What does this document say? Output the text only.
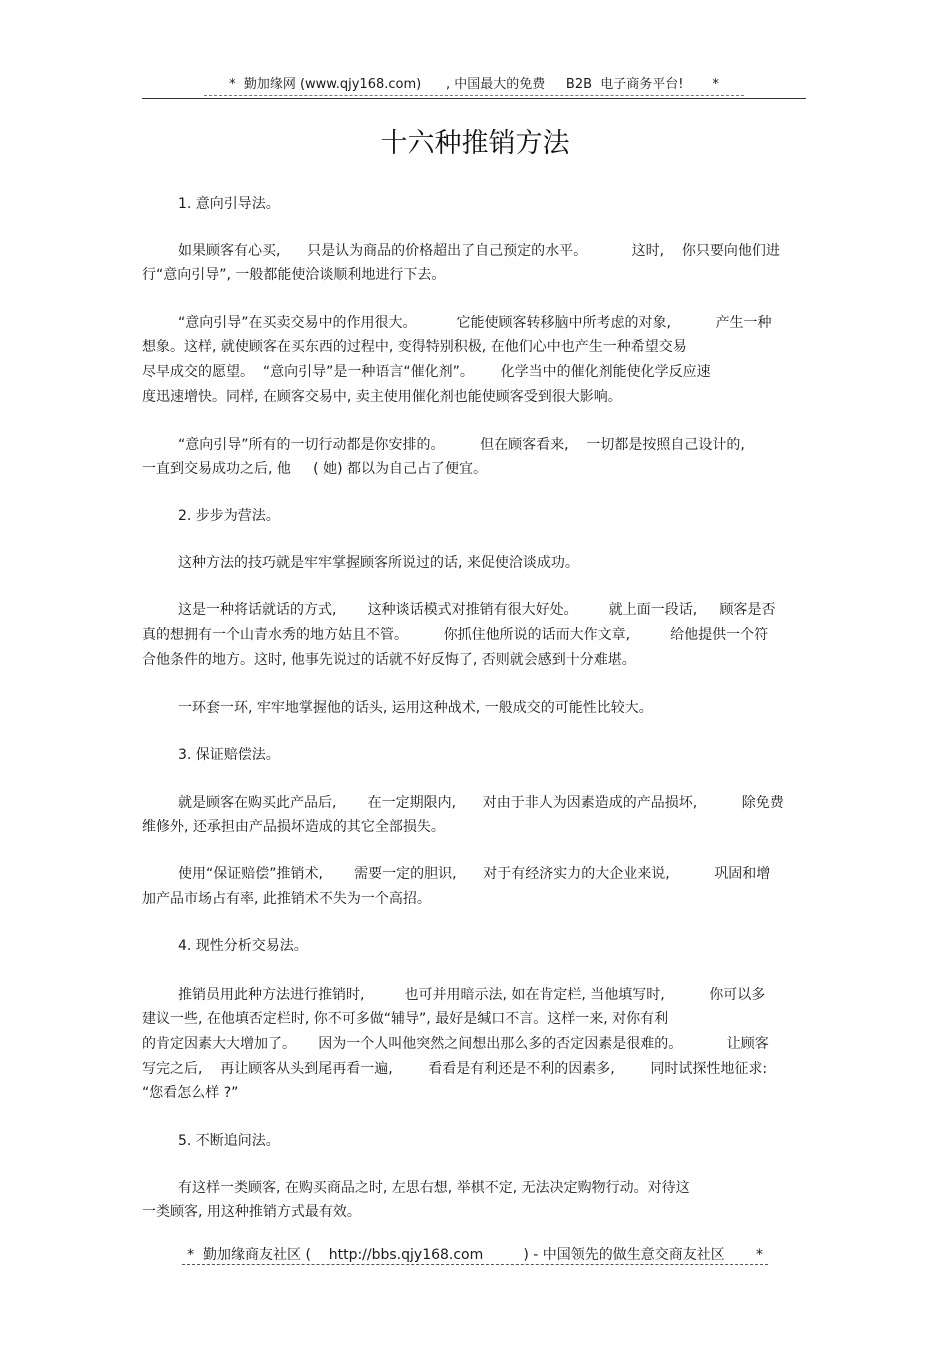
*  勤加缘网 (www.qjy168.com)      , 中国最大的免费     B2B  电子商务平台!       *
十六种推销方法
1. 意向引导法。
如果顾客有心买,      只是认为商品的价格超出了自己预定的水平。          这时,    你只要向他们进
行“意向引导”, 一般都能使洽谈顺利地进行下去。
“意向引导”在买卖交易中的作用很大。         它能使顾客转移脑中所考虑的对象,          产生一种
想象。这样, 就使顾客在买东西的过程中, 变得特别积极, 在他们心中也产生一种希望交易
尽早成交的愿望。  “意向引导”是一种语言“催化剂”。      化学当中的催化剂能使化学反应速
度迅速增快。同样, 在顾客交易中, 卖主使用催化剂也能使顾客受到很大影响。
“意向引导”所有的一切行动都是你安排的。        但在顾客看来,    一切都是按照自己设计的,
一直到交易成功之后, 他     ( 她) 都以为自己占了便宜。
2. 步步为营法。
这种方法的技巧就是牢牢掌握顾客所说过的话, 来促使洽谈成功。
这是一种将话就话的方式,       这种谈话模式对推销有很大好处。       就上面一段话,     顾客是否
真的想拥有一个山青水秀的地方姑且不管。        你抓住他所说的话而大作文章,         给他提供一个符
合他条件的地方。这时, 他事先说过的话就不好反悔了, 否则就会感到十分难堪。
一环套一环, 牢牢地掌握他的话头, 运用这种战术, 一般成交的可能性比较大。
3. 保证赔偿法。
就是顾客在购买此产品后,       在一定期限内,      对由于非人为因素造成的产品损坏,          除免费
维修外, 还承担由产品损坏造成的其它全部损失。
使用“保证赔偿”推销术,       需要一定的胆识,      对于有经济实力的大企业来说,          巩固和增
加产品市场占有率, 此推销术不失为一个高招。
4. 现性分析交易法。
推销员用此种方法进行推销时,         也可并用暗示法, 如在肯定栏, 当他填写时,          你可以多
建议一些, 在他填否定栏时, 你不可多做“辅导”, 最好是缄口不言。这样一来, 对你有利
的肯定因素大大增加了。     因为一个人叫他突然之间想出那么多的否定因素是很难的。          让顾客
写完之后,    再让顾客从头到尾再看一遍,        看看是有利还是不利的因素多,        同时试探性地征求:
“您看怎么样 ?”
5. 不断追问法。
有这样一类顾客, 在购买商品之时, 左思右想, 举棋不定, 无法决定购物行动。对待这
一类顾客, 用这种推销方式最有效。
*  勤加缘商友社区 (    http://bbs.qjy168.com         ) - 中国领先的做生意交商友社区       *
